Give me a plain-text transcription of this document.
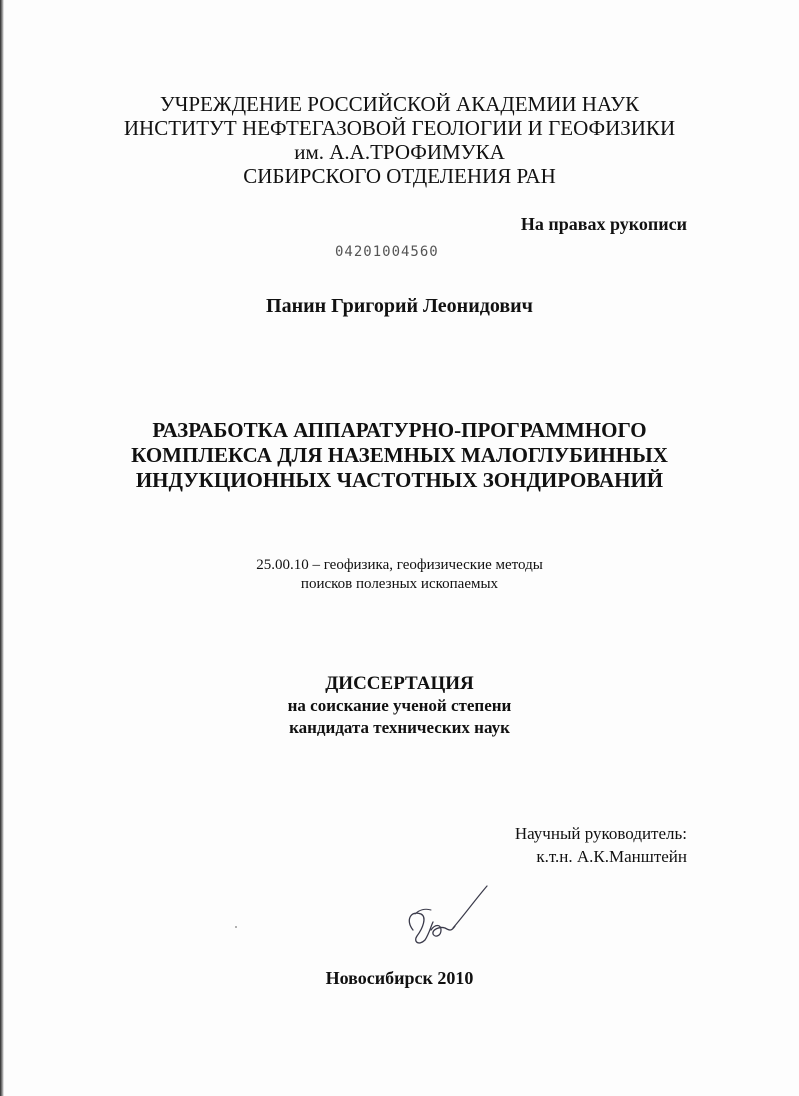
УЧРЕЖДЕНИЕ РОССИЙСКОЙ АКАДЕМИИ НАУК
ИНСТИТУТ НЕФТЕГАЗОВОЙ ГЕОЛОГИИ И ГЕОФИЗИКИ
им. А.А.ТРОФИМУКА
СИБИРСКОГО ОТДЕЛЕНИЯ РАН
На правах рукописи
04201004560
Панин Григорий Леонидович
РАЗРАБОТКА АППАРАТУРНО-ПРОГРАММНОГО
КОМПЛЕКСА ДЛЯ НАЗЕМНЫХ МАЛОГЛУБИННЫХ
ИНДУКЦИОННЫХ ЧАСТОТНЫХ ЗОНДИРОВАНИЙ
25.00.10 – геофизика, геофизические методы
поисков полезных ископаемых
ДИССЕРТАЦИЯ
на соискание ученой степени
кандидата технических наук
Научный руководитель:
к.т.н. А.К.Манштейн
Новосибирск 2010
